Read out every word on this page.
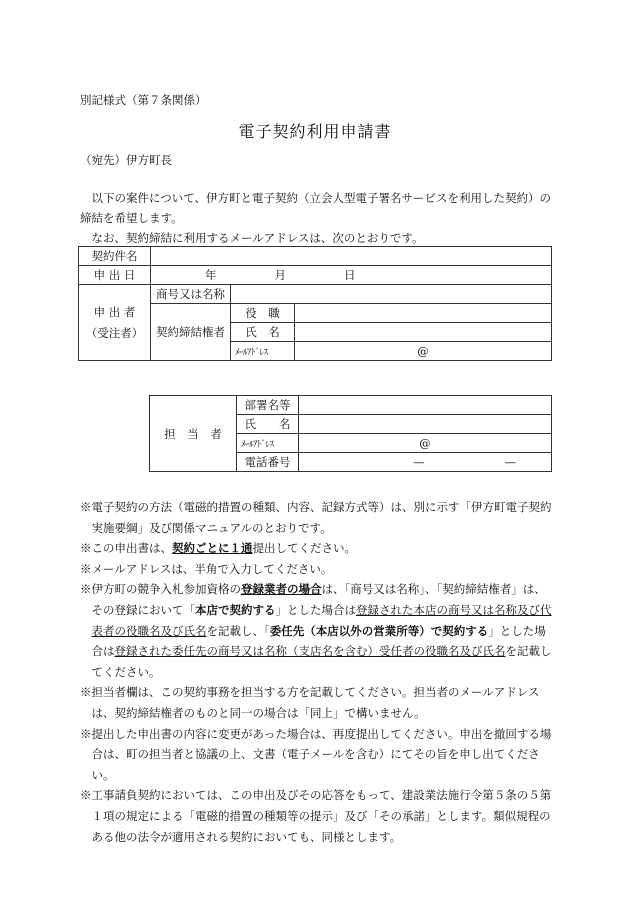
別記様式（第７条関係）
電子契約利用申請書
（宛先）伊方町長

以下の案件について、伊方町と電子契約（立会人型電子署名サービスを利用した契約）の締結を希望します。

なお、契約締結に利用するメールアドレスは、次のとおりです。

契約件名			
申 出 日	年 月 日		

申 出 者
（受注者）	商号又は名称		
	契約締結権者	役　職	
		氏　名	
		ﾒｰﾙｱﾄﾞﾚｽ	@
担　当　者	部署名等	
	氏　　名	
	ﾒｰﾙｱﾄﾞﾚｽ	@
	電話番号	— —

※電子契約の方法（電磁的措置の種類、内容、記録方式等）は、別に示す「伊方町電子契約実施要綱」及び関係マニュアルのとおりです。

※この申出書は、契約ごとに１通提出してください。

※メールアドレスは、半角で入力してください。

※伊方町の競争入札参加資格の登録業者の場合は、「商号又は名称」、「契約締結権者」は、その登録において「本店で契約する」とした場合は登録された本店の商号又は名称及び代表者の役職名及び氏名を記載し、「委任先（本店以外の営業所等）で契約する」とした場合は登録された委任先の商号又は名称（支店名を含む）受任者の役職名及び氏名を記載してください。

※担当者欄は、この契約事務を担当する方を記載してください。担当者のメールアドレスは、契約締結権者のものと同一の場合は「同上」で構いません。

※提出した申出書の内容に変更があった場合は、再度提出してください。申出を撤回する場合は、町の担当者と協議の上、文書（電子メールを含む）にてその旨を申し出てください。

※工事請負契約においては、この申出及びその応答をもって、建設業法施行令第５条の５第１項の規定による「電磁的措置の種類等の提示」及び「その承諾」とします。類似規程のある他の法令が適用される契約においても、同様とします。
